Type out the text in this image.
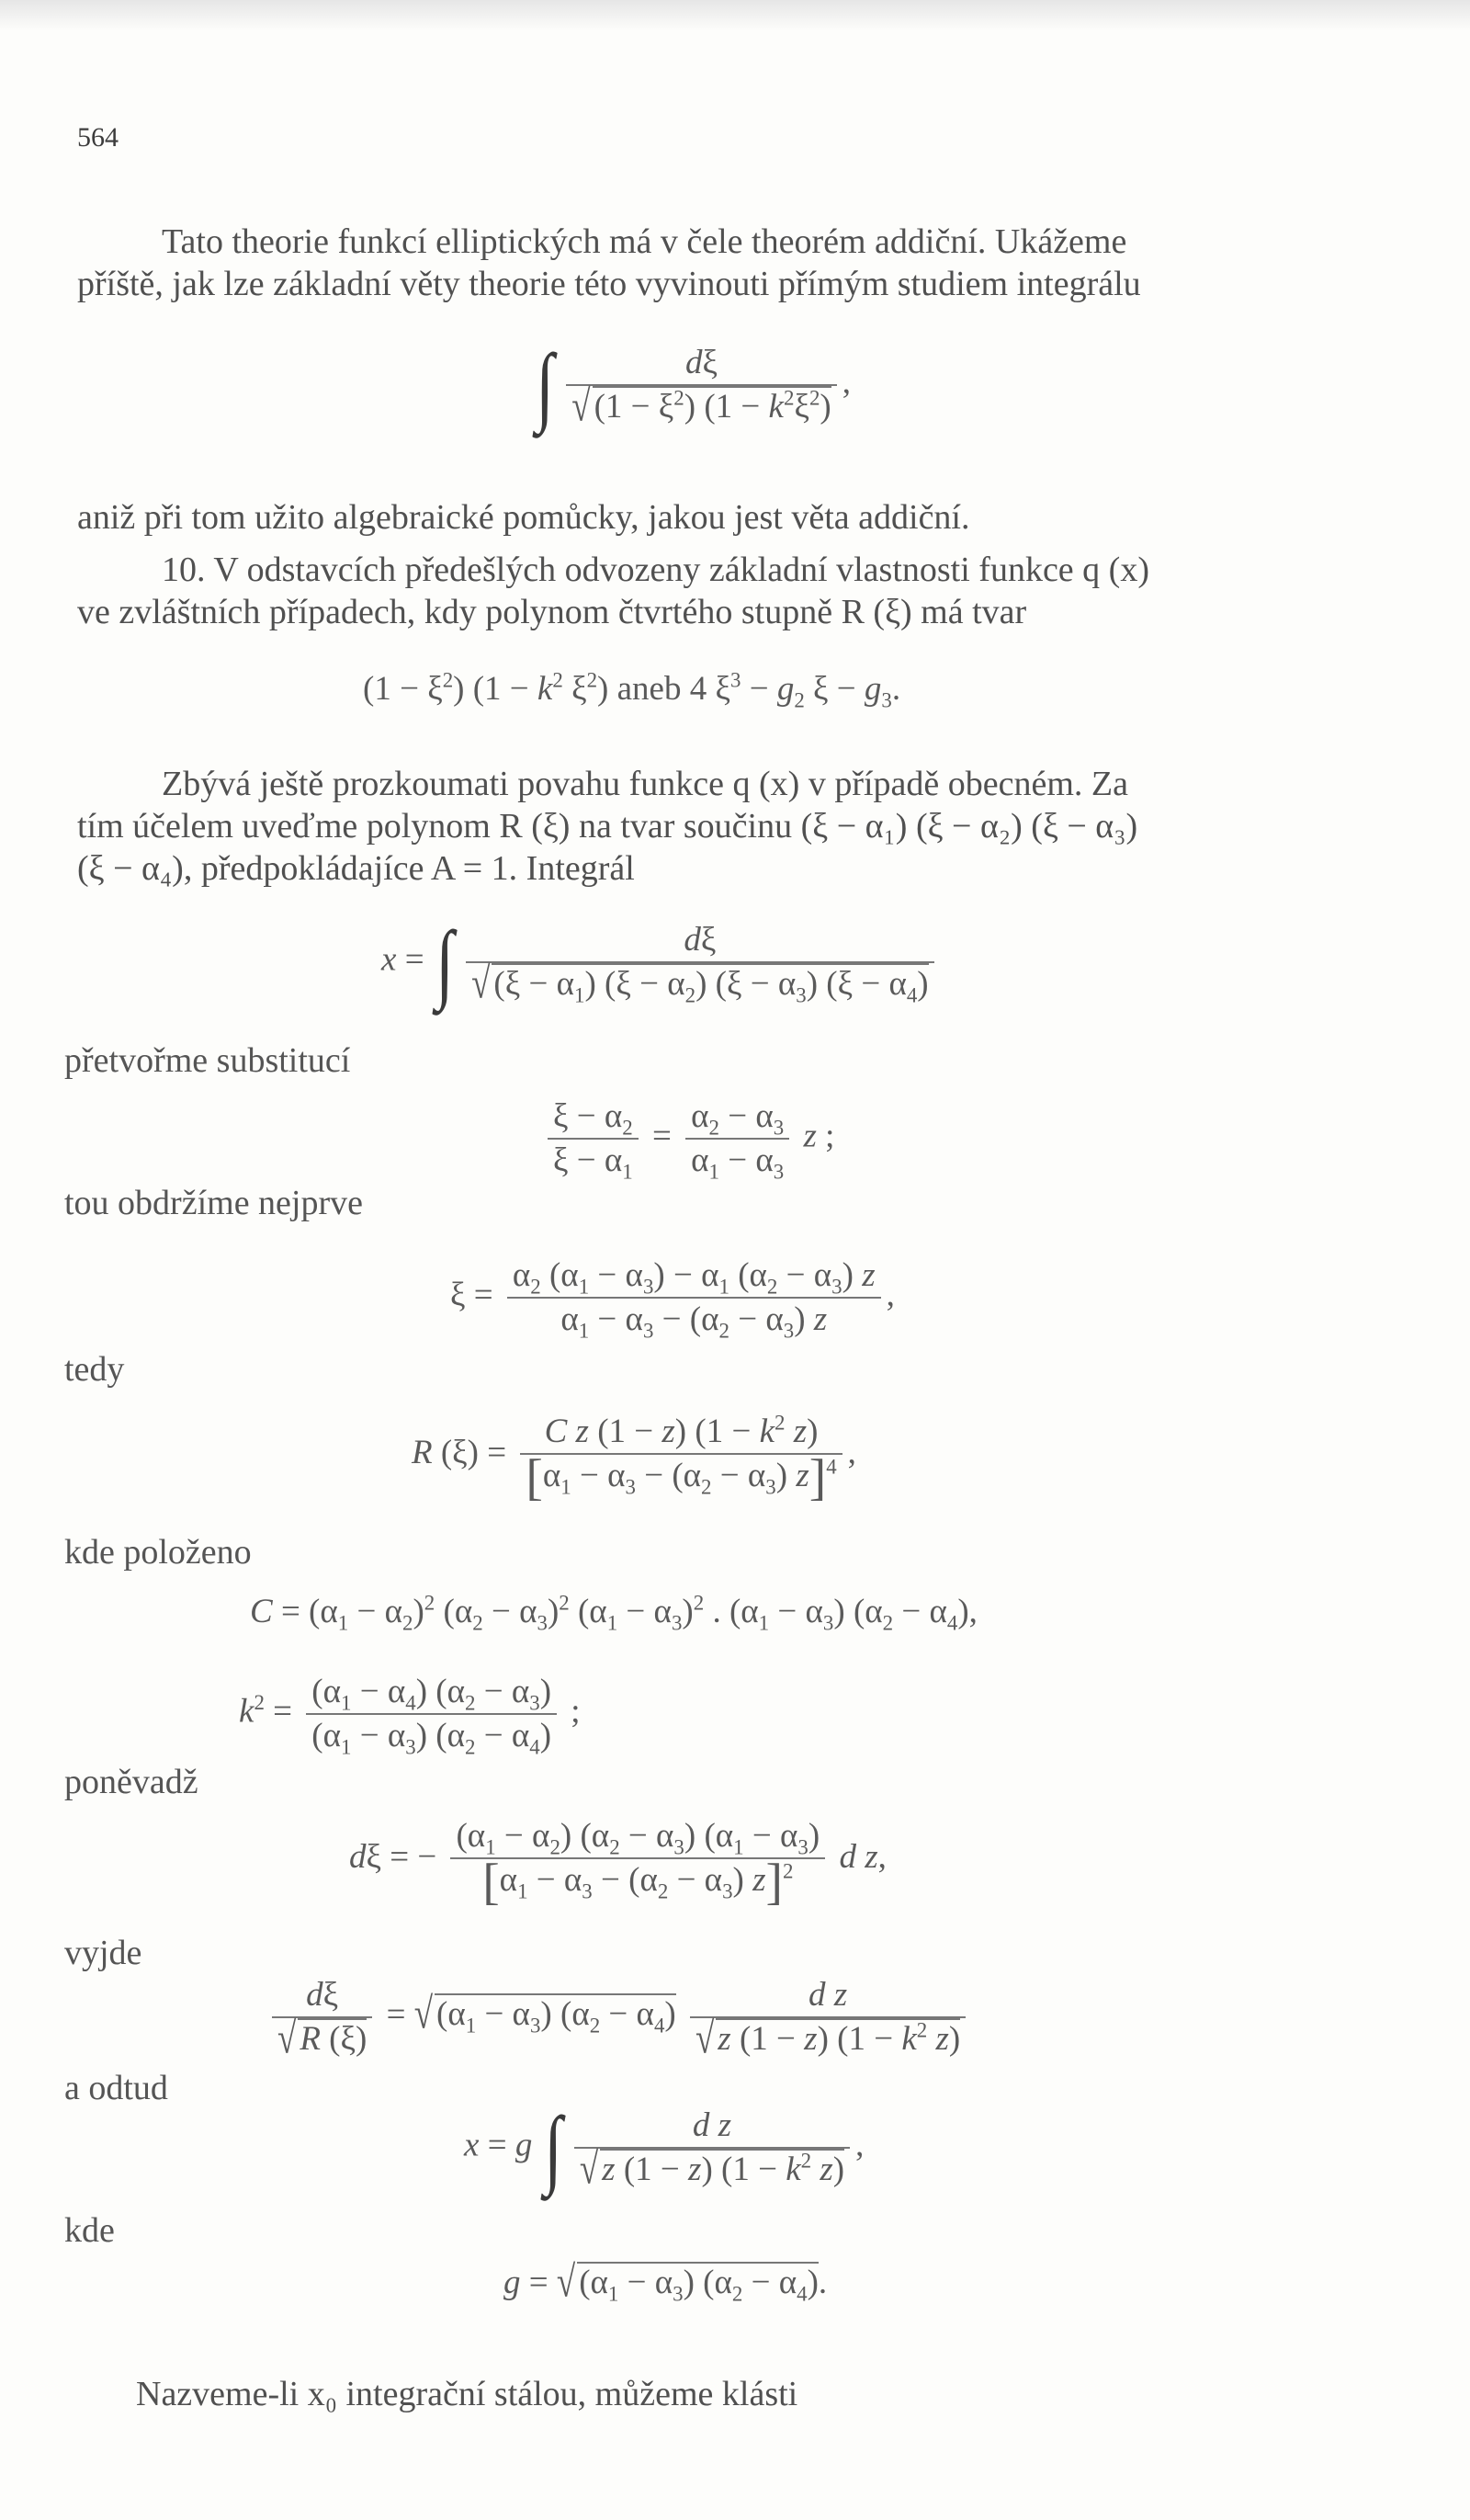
564
Tato theorie funkcí elliptických má v čele theorém addiční. Ukážeme
příště, jak lze základní věty theorie této vyvinouti přímým studiem integrálu
∫ $\frac{d\xi}{√ (1 - \xi^2) (1 - k^2\xi^2)}$ ,
aniž při tom užito algebraické pomůcky, jakou jest věta addiční.
10. V odstavcích předešlých odvozeny základní vlastnosti funkce q (x)
ve zvláštních případech, kdy polynom čtvrtého stupně R (ξ) má tvar
$(1 - \xi^2)$ ($1 - k^2$ $\xi^2$) aneb 4 $\xi^3 - g_2$ $\xi - g_3$.
Zbývá ještě prozkoumati povahu funkce q (x) v případě obecném. Za
tím účelem uveďme polynom R (ξ) na tvar součinu (ξ − α₁) (ξ − α₂) (ξ − α₃)
(ξ − α₄), předpokládajíce A = 1. Integrál
x = ∫ $\frac{d\xi}{√ (\xi - \alpha_1) (\xi - \alpha_2) (\xi - \alpha_3) (\xi - \alpha_4)}$
přetvořme substitucí
$\frac{\xi - \alpha_2}{\xi - \alpha_1} = \frac{\alpha_2 - \alpha_3}{\alpha_1 - \alpha_3}$ z ;
tou obdržíme nejprve
$\xi = \frac{\alpha_2 (\alpha_1 - \alpha_3) - \alpha_1 (\alpha_2 - \alpha_3) z}{\alpha_1 - \alpha_3 - (\alpha_2 - \alpha_3) z}$ ,
tedy
R $(\xi) = \frac{C z (1 - z) (1 - k^2 z)}{[\alpha_1 - \alpha_3 - (\alpha_2 - \alpha_3) z]^4}$ ,
kde položeno
$C = (\alpha_1 - \alpha_2)^2$ $(\alpha_2 - \alpha_3)^2$ $(\alpha_1 - \alpha_3)^2$ . $(\alpha_1 - \alpha_3) (\alpha_2 - \alpha_4)$,
$k^2 = \frac{(\alpha_1 - \alpha_4) (\alpha_2 - \alpha_3)}{(\alpha_1 - \alpha_3) (\alpha_2 - \alpha_4)}$ ;
poněvadž
dξ = − $\frac{(\alpha_1 - \alpha_2) (\alpha_2 - \alpha_3) (\alpha_1 - \alpha_3)}{[\alpha_1 - \alpha_3 - (\alpha_2 - \alpha_3) z]^2}$ d z,
vyjde
$\frac{d\xi}{√ R (\xi)}$ = √ $(\alpha_1 - \alpha_3) (\alpha_2 - \alpha_4) \frac{\text{d z}}{√ z (1 - z) (1 - k^2 z)}$
a odtud
x = g ∫ $\frac{\text{d z}}{√ z (1 - z) (1 - k^2 z)}$ ,
kde
g = √ $(\alpha_1 - \alpha_3) (\alpha_2 - \alpha_4)$.
Nazveme-li x₀ integrační stálou, můžeme klásti
